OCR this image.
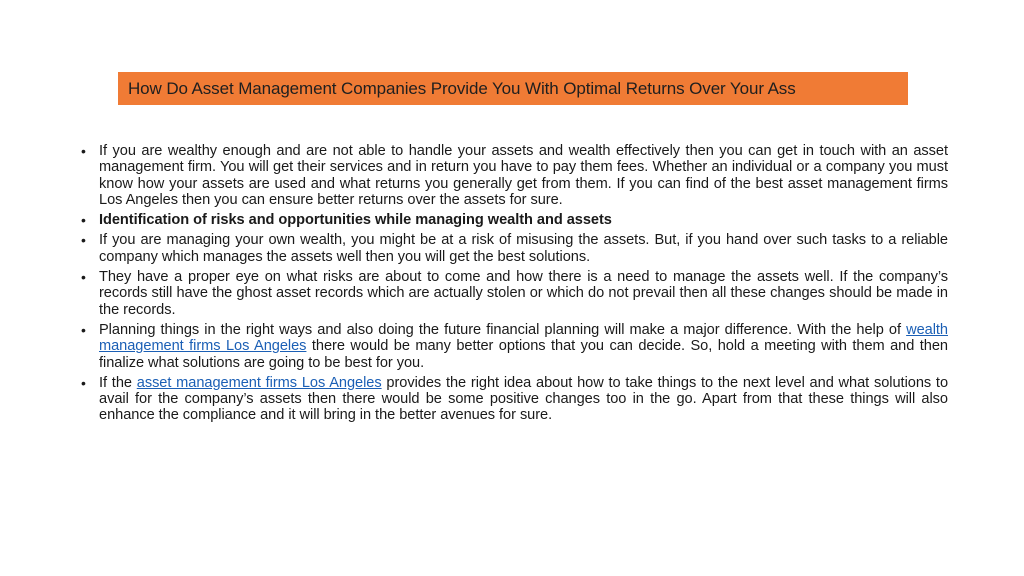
How Do Asset Management Companies Provide You With Optimal Returns Over Your Ass
• If you are wealthy enough and are not able to handle your assets and wealth effectively then you can get in touch with an asset management firm. You will get their services and in return you have to pay them fees. Whether an individual or a company you must know how your assets are used and what returns you generally get from them. If you can find of the best asset management firms Los Angeles then you can ensure better returns over the assets for sure.
• Identification of risks and opportunities while managing wealth and assets
• If you are managing your own wealth, you might be at a risk of misusing the assets. But, if you hand over such tasks to a reliable company which manages the assets well then you will get the best solutions.
• They have a proper eye on what risks are about to come and how there is a need to manage the assets well. If the company’s records still have the ghost asset records which are actually stolen or which do not prevail then all these changes should be made in the records.
• Planning things in the right ways and also doing the future financial planning will make a major difference. With the help of wealth management firms Los Angeles there would be many better options that you can decide. So, hold a meeting with them and then finalize what solutions are going to be best for you.
• If the asset management firms Los Angeles provides the right idea about how to take things to the next level and what solutions to avail for the company’s assets then there would be some positive changes too in the go. Apart from that these things will also enhance the compliance and it will bring in the better avenues for sure.
